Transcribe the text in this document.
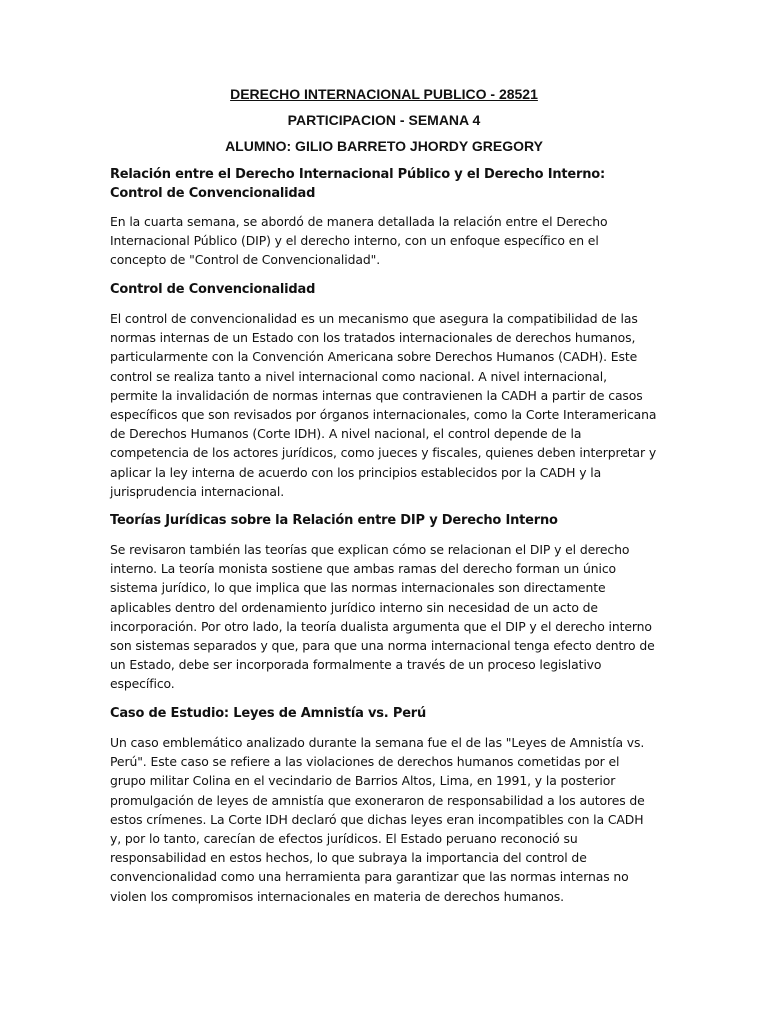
DERECHO INTERNACIONAL PUBLICO - 28521
PARTICIPACION - SEMANA 4
ALUMNO: GILIO BARRETO JHORDY GREGORY
Relación entre el Derecho Internacional Público y el Derecho Interno: Control de Convencionalidad

En la cuarta semana, se abordó de manera detallada la relación entre el Derecho Internacional Público (DIP) y el derecho interno, con un enfoque específico en el concepto de "Control de Convencionalidad".

Control de Convencionalidad

El control de convencionalidad es un mecanismo que asegura la compatibilidad de las normas internas de un Estado con los tratados internacionales de derechos humanos, particularmente con la Convención Americana sobre Derechos Humanos (CADH). Este control se realiza tanto a nivel internacional como nacional. A nivel internacional, permite la invalidación de normas internas que contravienen la CADH a partir de casos específicos que son revisados por órganos internacionales, como la Corte Interamericana de Derechos Humanos (Corte IDH). A nivel nacional, el control depende de la competencia de los actores jurídicos, como jueces y fiscales, quienes deben interpretar y aplicar la ley interna de acuerdo con los principios establecidos por la CADH y la jurisprudencia internacional.

Teorías Jurídicas sobre la Relación entre DIP y Derecho Interno

Se revisaron también las teorías que explican cómo se relacionan el DIP y el derecho interno. La teoría monista sostiene que ambas ramas del derecho forman un único sistema jurídico, lo que implica que las normas internacionales son directamente aplicables dentro del ordenamiento jurídico interno sin necesidad de un acto de incorporación. Por otro lado, la teoría dualista argumenta que el DIP y el derecho interno son sistemas separados y que, para que una norma internacional tenga efecto dentro de un Estado, debe ser incorporada formalmente a través de un proceso legislativo específico.

Caso de Estudio: Leyes de Amnistía vs. Perú

Un caso emblemático analizado durante la semana fue el de las "Leyes de Amnistía vs. Perú". Este caso se refiere a las violaciones de derechos humanos cometidas por el grupo militar Colina en el vecindario de Barrios Altos, Lima, en 1991, y la posterior promulgación de leyes de amnistía que exoneraron de responsabilidad a los autores de estos crímenes. La Corte IDH declaró que dichas leyes eran incompatibles con la CADH y, por lo tanto, carecían de efectos jurídicos. El Estado peruano reconoció su responsabilidad en estos hechos, lo que subraya la importancia del control de convencionalidad como una herramienta para garantizar que las normas internas no violen los compromisos internacionales en materia de derechos humanos.
